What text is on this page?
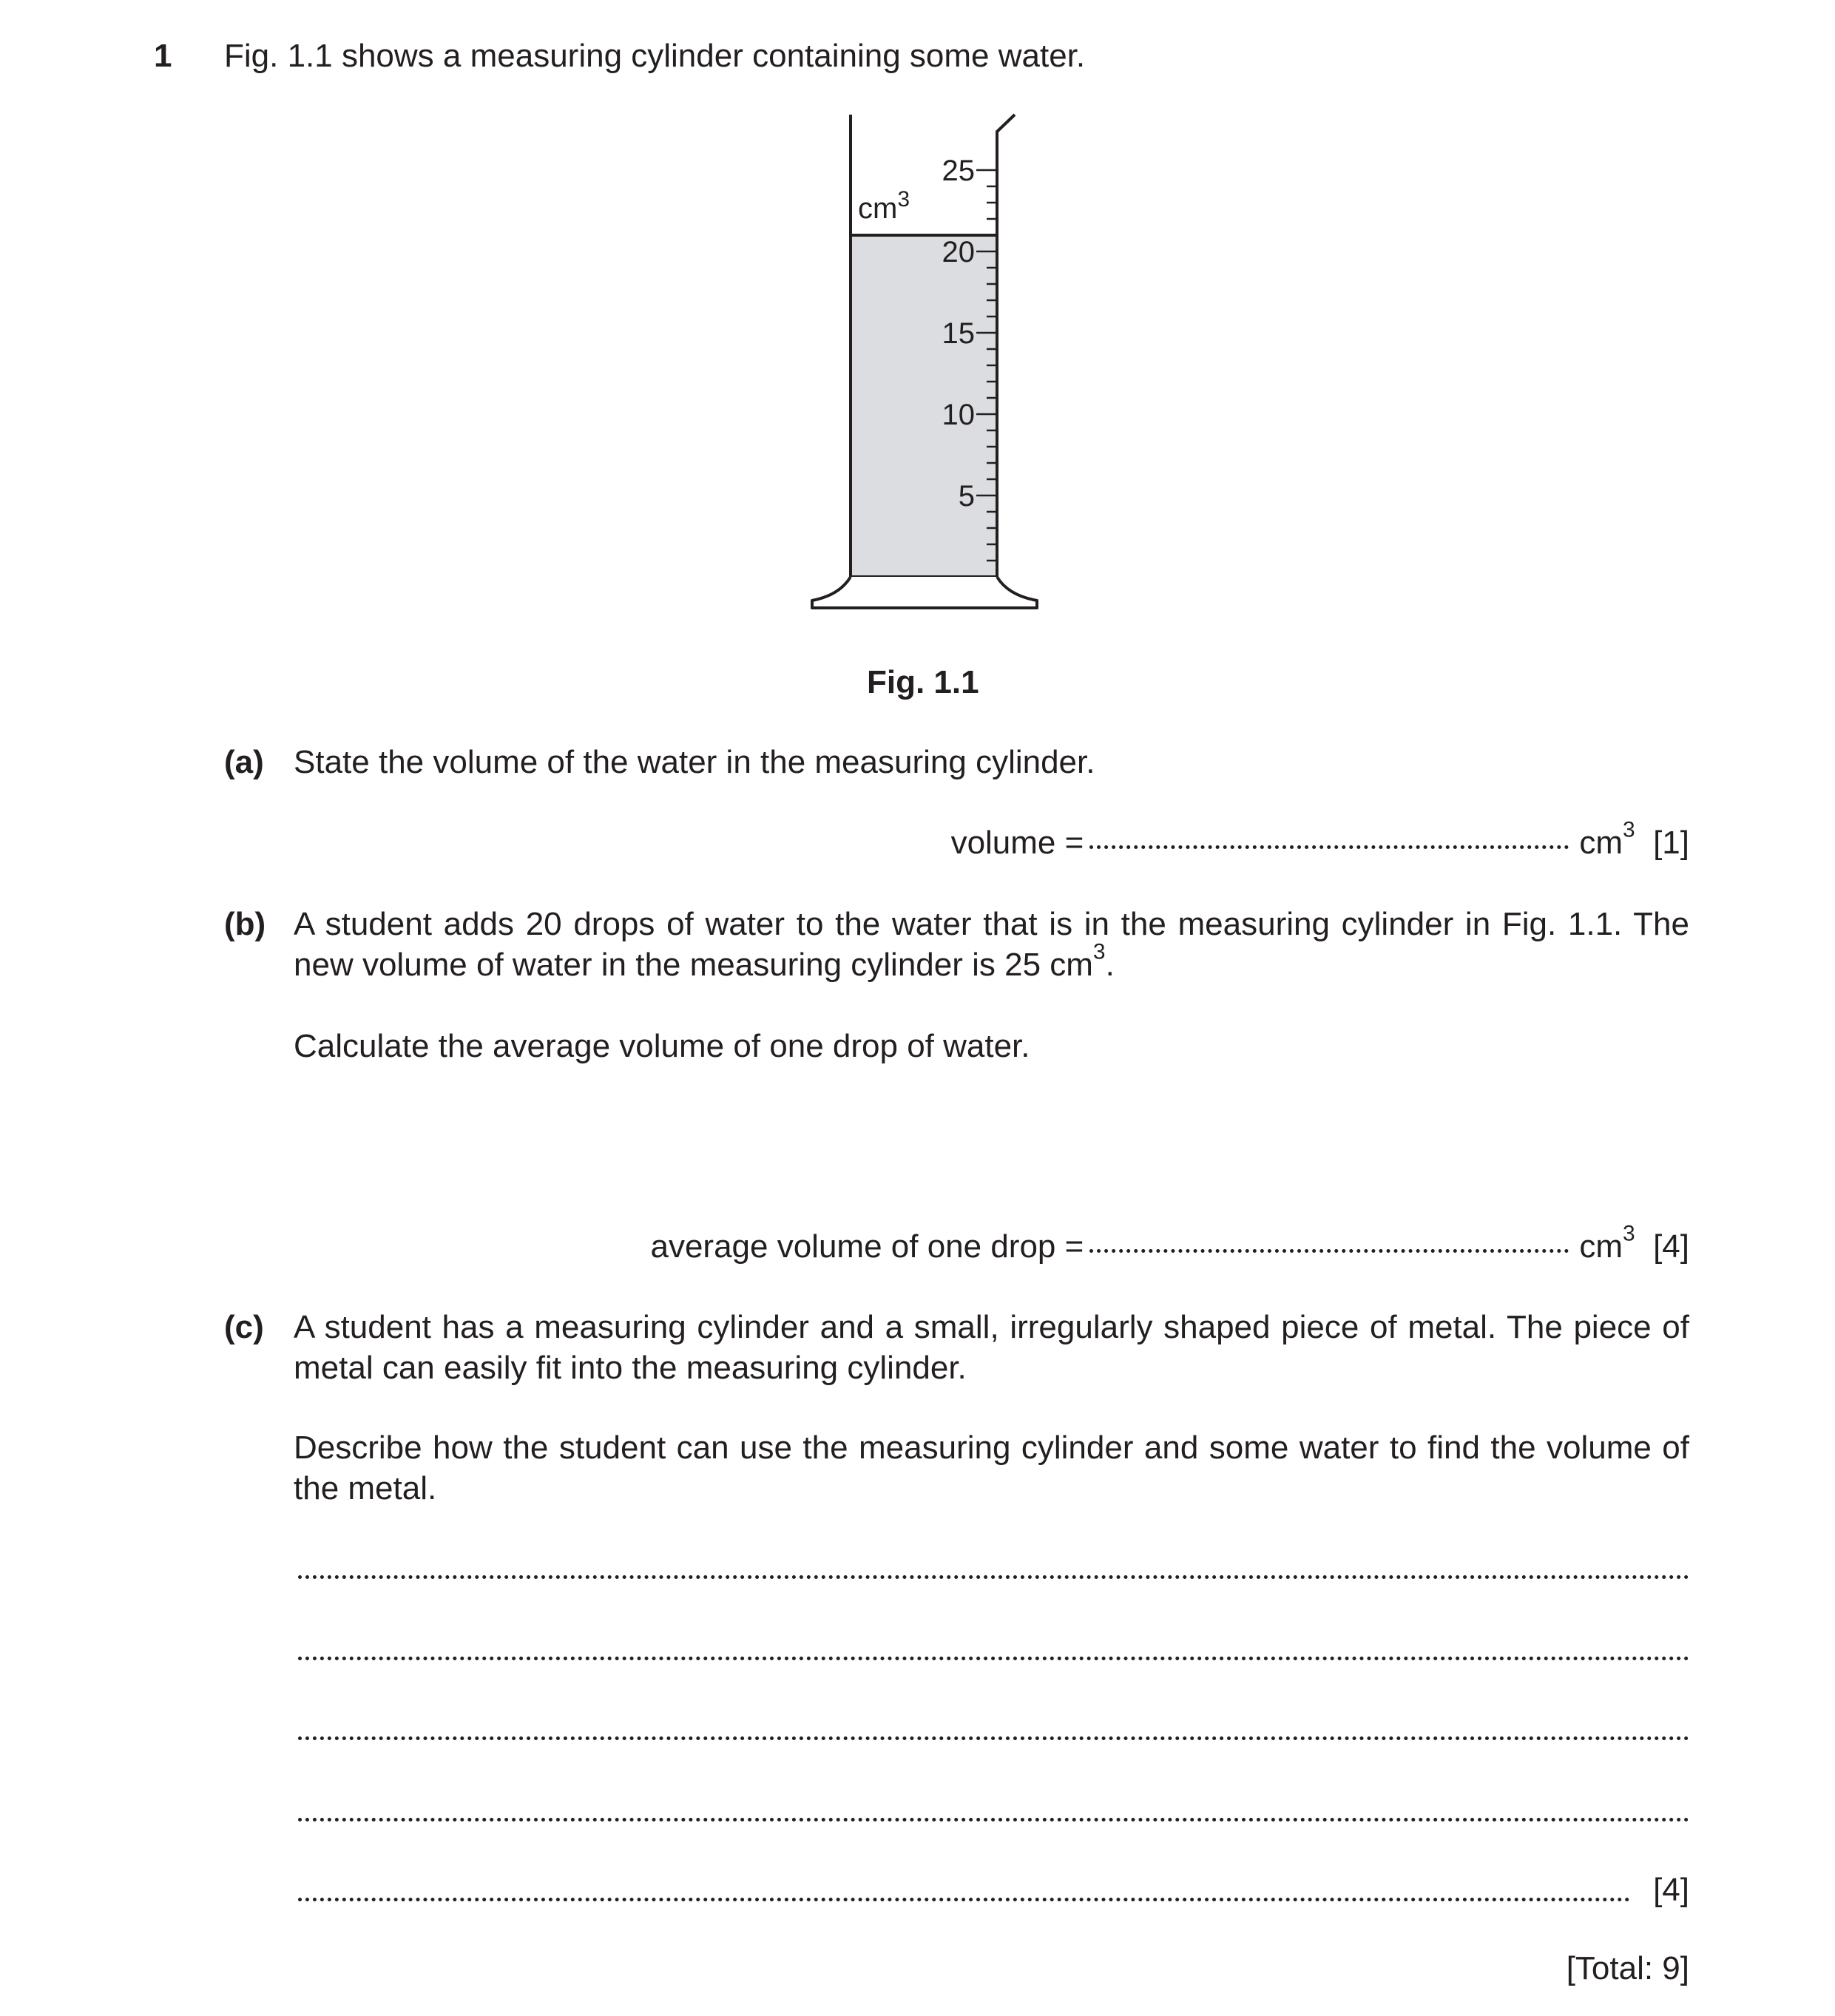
1 Fig. 1.1 shows a measuring cylinder containing some water.
$cm^3$
25
20
15
10
5
Fig. 1.1
(a) State the volume of the water in the measuring cylinder.
volume =	$cm^3$ [1]
(b) A student adds 20 drops of water to the water that is in the measuring cylinder in Fig. 1.1. The new volume of water in the measuring cylinder is 25 $cm^3$.
Calculate the average volume of one drop of water.
average volume of one drop =	$cm^3$ [4]
(c) A student has a measuring cylinder and a small, irregularly shaped piece of metal. The piece of metal can easily fit into the measuring cylinder.
Describe how the student can use the measuring cylinder and some water to find the volume of the metal.
[4]
[Total: 9]
